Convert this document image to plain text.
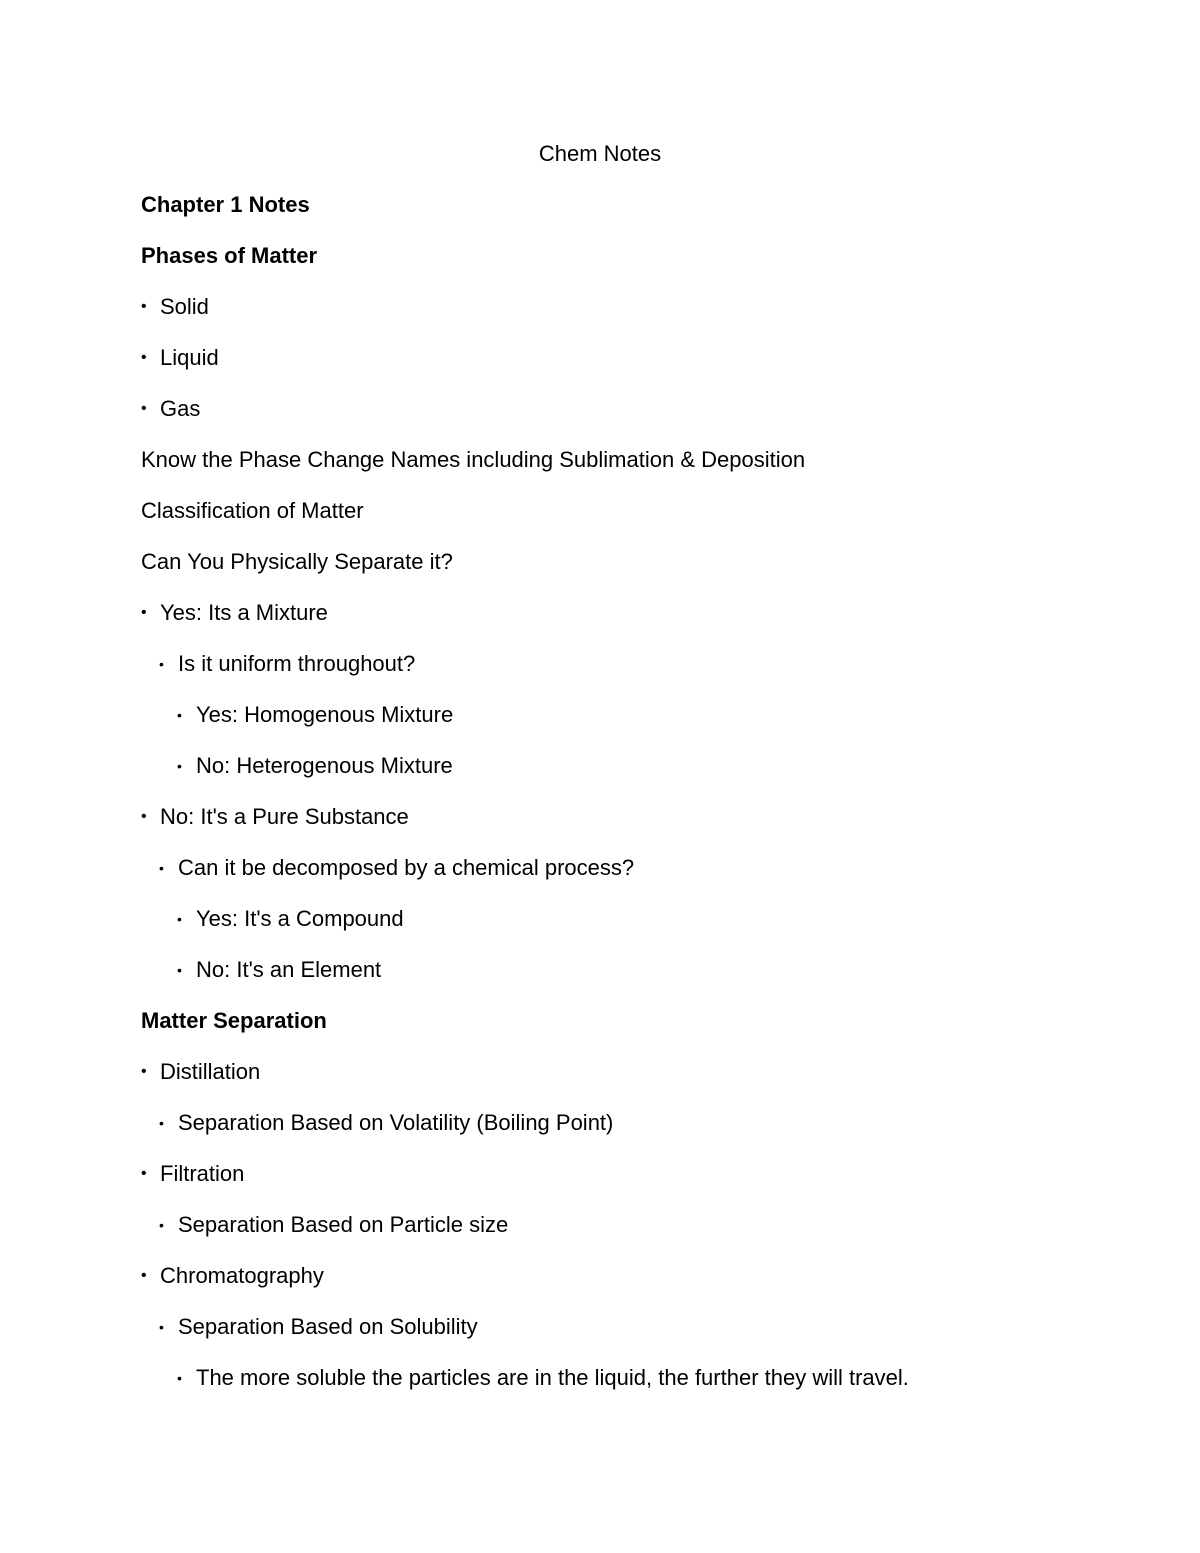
Chem Notes
Chapter 1 Notes
Phases of Matter
• Solid
• Liquid
• Gas
Know the Phase Change Names including Sublimation & Deposition
Classification of Matter
Can You Physically Separate it?
• Yes: Its a Mixture
• Is it uniform throughout?
• Yes: Homogenous Mixture
• No: Heterogenous Mixture
• No: It's a Pure Substance
• Can it be decomposed by a chemical process?
• Yes: It's a Compound
• No: It's an Element
Matter Separation
• Distillation
• Separation Based on Volatility (Boiling Point)
• Filtration
• Separation Based on Particle size
• Chromatography
• Separation Based on Solubility
• The more soluble the particles are in the liquid, the further they will travel.
